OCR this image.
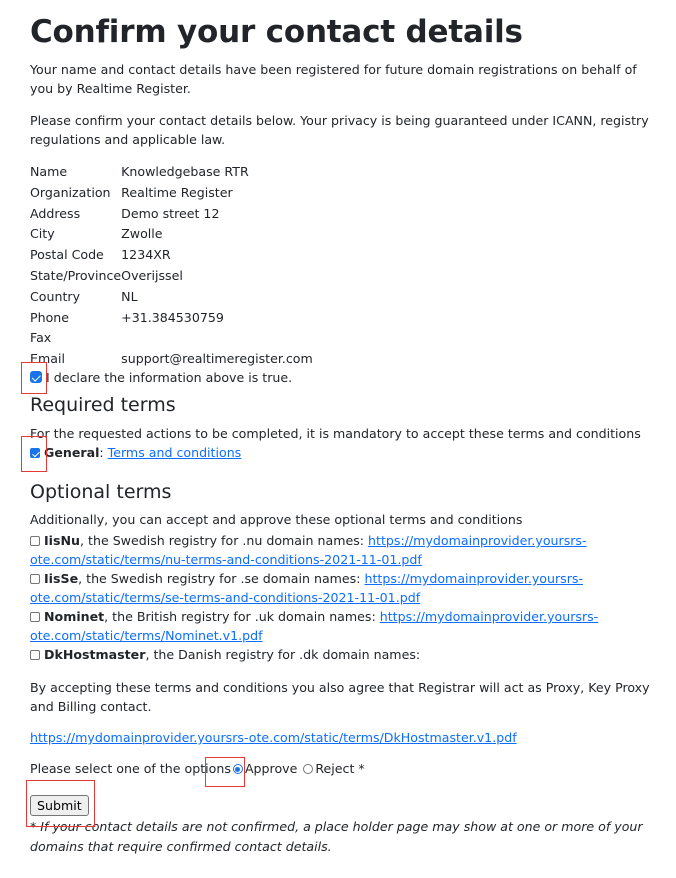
Confirm your contact details

Your name and contact details have been registered for future domain registrations on behalf of you by Realtime Register.

Please confirm your contact details below. Your privacy is being guaranteed under ICANN, registry regulations and applicable law.

Name	Knowledgebase RTR
Organization	Realtime Register
Address	Demo street 12
City	Zwolle
Postal Code	1234XR
State/Province	Overijssel
Country	NL
Phone	+31.384530759
Fax	
Email	support@realtimeregister.com
I declare the information above is true.
Required terms
For the requested actions to be completed, it is mandatory to accept these terms and conditions
General: Terms and conditions
Optional terms
Additionally, you can accept and approve these optional terms and conditions
IisNu, the Swedish registry for .nu domain names: https://mydomainprovider.yoursrs-ote.com/static/terms/nu-terms-and-conditions-2021-11-01.pdf
IisSe, the Swedish registry for .se domain names: https://mydomainprovider.yoursrs-ote.com/static/terms/se-terms-and-conditions-2021-11-01.pdf
Nominet, the British registry for .uk domain names: https://mydomainprovider.yoursrs-ote.com/static/terms/Nominet.v1.pdf
DkHostmaster, the Danish registry for .dk domain names:

By accepting these terms and conditions you also agree that Registrar will act as Proxy, Key Proxy and Billing contact.

https://mydomainprovider.yoursrs-ote.com/static/terms/DkHostmaster.v1.pdf
Please select one of the options Approve Reject *
Submit

* If your contact details are not confirmed, a place holder page may show at one or more of your domains that require confirmed contact details.
